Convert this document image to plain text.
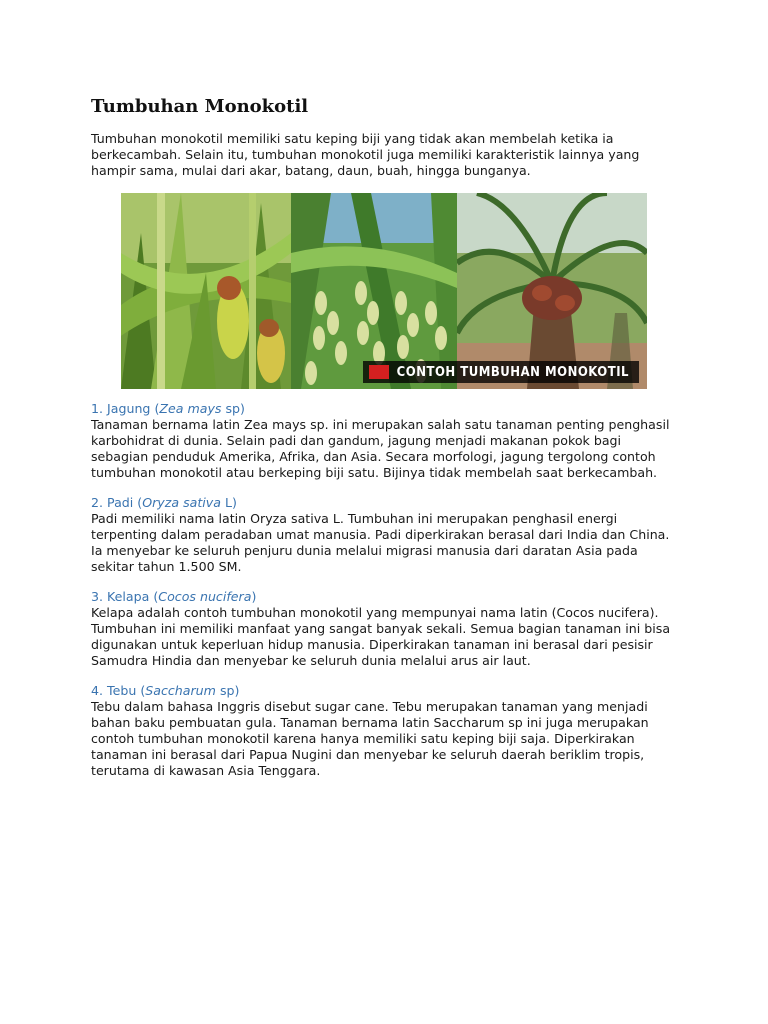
Tumbuhan Monokotil

Tumbuhan monokotil memiliki satu keping biji yang tidak akan membelah ketika ia berkecambah. Selain itu, tumbuhan monokotil juga memiliki karakteristik lainnya yang hampir sama, mulai dari akar, batang, daun, buah, hingga bunganya.

CONTOH TUMBUHAN MONOKOTIL
1. Jagung (Zea mays sp)

Tanaman bernama latin Zea mays sp. ini merupakan salah satu tanaman penting penghasil karbohidrat di dunia. Selain padi dan gandum, jagung menjadi makanan pokok bagi sebagian penduduk Amerika, Afrika, dan Asia. Secara morfologi, jagung tergolong contoh tumbuhan monokotil atau berkeping biji satu. Bijinya tidak membelah saat berkecambah.

2. Padi (Oryza sativa L)

Padi memiliki nama latin Oryza sativa L. Tumbuhan ini merupakan penghasil energi terpenting dalam peradaban umat manusia. Padi diperkirakan berasal dari India dan China. Ia menyebar ke seluruh penjuru dunia melalui migrasi manusia dari daratan Asia pada sekitar tahun 1.500 SM.

3. Kelapa (Cocos nucifera)

Kelapa adalah contoh tumbuhan monokotil yang mempunyai nama latin (Cocos nucifera). Tumbuhan ini memiliki manfaat yang sangat banyak sekali. Semua bagian tanaman ini bisa digunakan untuk keperluan hidup manusia. Diperkirakan tanaman ini berasal dari pesisir Samudra Hindia dan menyebar ke seluruh dunia melalui arus air laut.

4. Tebu (Saccharum sp)

Tebu dalam bahasa Inggris disebut sugar cane. Tebu merupakan tanaman yang menjadi bahan baku pembuatan gula. Tanaman bernama latin Saccharum sp ini juga merupakan contoh tumbuhan monokotil karena hanya memiliki satu keping biji saja. Diperkirakan tanaman ini berasal dari Papua Nugini dan menyebar ke seluruh daerah beriklim tropis, terutama di kawasan Asia Tenggara.
